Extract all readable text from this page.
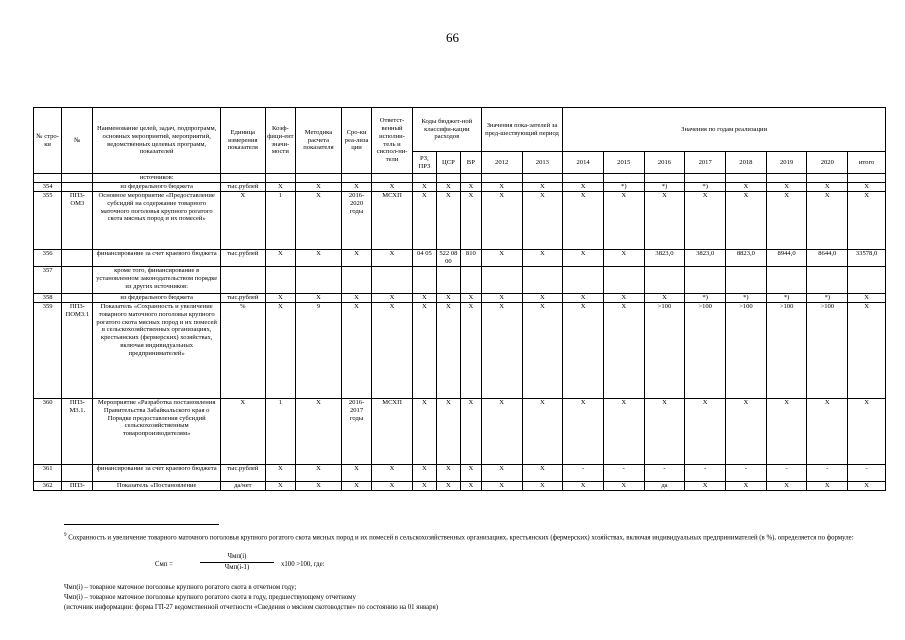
66
№ стро-ки	№	Наименование целей, задач, подпрограмм, основных мероприятий, мероприятий, ведомственных целевых программ, показателей	Единица измерения показателя	Коэф-фици-ент значи-мости	Методика расчета показателя	Сро-ки реа-лиза ции	Ответст-венный исполни-тель и сиспол-ни-тели	Коды бюджет-ной классифи-кации расходов			Значения пока-зателей за пред-шествующий период		Значения по годам реализации							
								РЗ, ПРЗ	ЦСР	ВР	2012	2013	2014	2015	2016	2017	2018	2019	2020	итого
		источников:																		
354		из федерального бюджета	тыс.рублей	X	X	X	X	X	X	X	X	X	X	*)	*)	*)	X	X	X	X
355	ПП3-ОМ3	Основное мероприятие «Предоставление субсидий на содержание товарного маточного поголовья крупного рогатого скота мясных пород и их помесей»	X	1	X	2016-2020 годы	МСХП	X	X	X	X	X	X	X	X	X	X	X	X	X
356		финансирование за счет краевого бюджета	тыс.рублей	X	X	X	X	04 05	522 08 00	810	X	X	X	X	3823,0	3823,0	8823,0	8944,0	8644,0	33578,0
357		кроме того, финансирование в установленном законодательством порядке из других источников:																		
358		из федерального бюджета	тыс.рублей	X	X	X	X	X	X	X	X	X	X	X	X	*)	*)	*)	*)	X
359	ПП3-ПОМ3.1	Показатель «Сохранность и увеличение товарного маточного поголовья крупного рогатого скота мясных пород и их помесей в сельскохозяйственных организациях, крестьянских (фермерских) хозяйствах, включая индивидуальных предпринимателей»	%	X	9	X	X	X	X	X	X	X	X	X	>100	>100	>100	>100	>100	X
360	ПП3-М3.1.	Мероприятие «Разработка постановления Правительства Забайкальского края о Порядке предоставления субсидий сельскохозяйственным товаропроизводителям»	X	1	X	2016-2017 годы	МСХП	X	X	X	X	X	X	X	X	X	X	X	X	X
361		финансирование за счет краевого бюджета	тыс.рублей	X	X	X	X	X	X	X	X	X	-	-	-	-	-	-	-	-
362	ПП3-	Показатель «Постановление	да/нет	X	X	X	X	X	X	X	X	X	X	X	да	X	X	X	X	X
$^9$ Сохранность и увеличение товарного маточного поголовья крупного рогатого скота мясных пород и их помесей в сельскохозяйственных организациях, крестьянских (фермерских) хозяйствах, включая индивидуальных предпринимателей (в %), определяется по формуле:
Смп =
Чмп(i)
Чмп(i-1)	x100 >100, где:
Чмп(i) – товарное маточное поголовье крупного рогатого скота в отчетном году;
Чмп(i) – товарное маточное поголовье крупного рогатого скота в году, предшествующему отчетному
(источник информации: форма ГП-27 ведомственной отчетности «Сведения о мясном скотоводстве» по состоянию на 01 января)
